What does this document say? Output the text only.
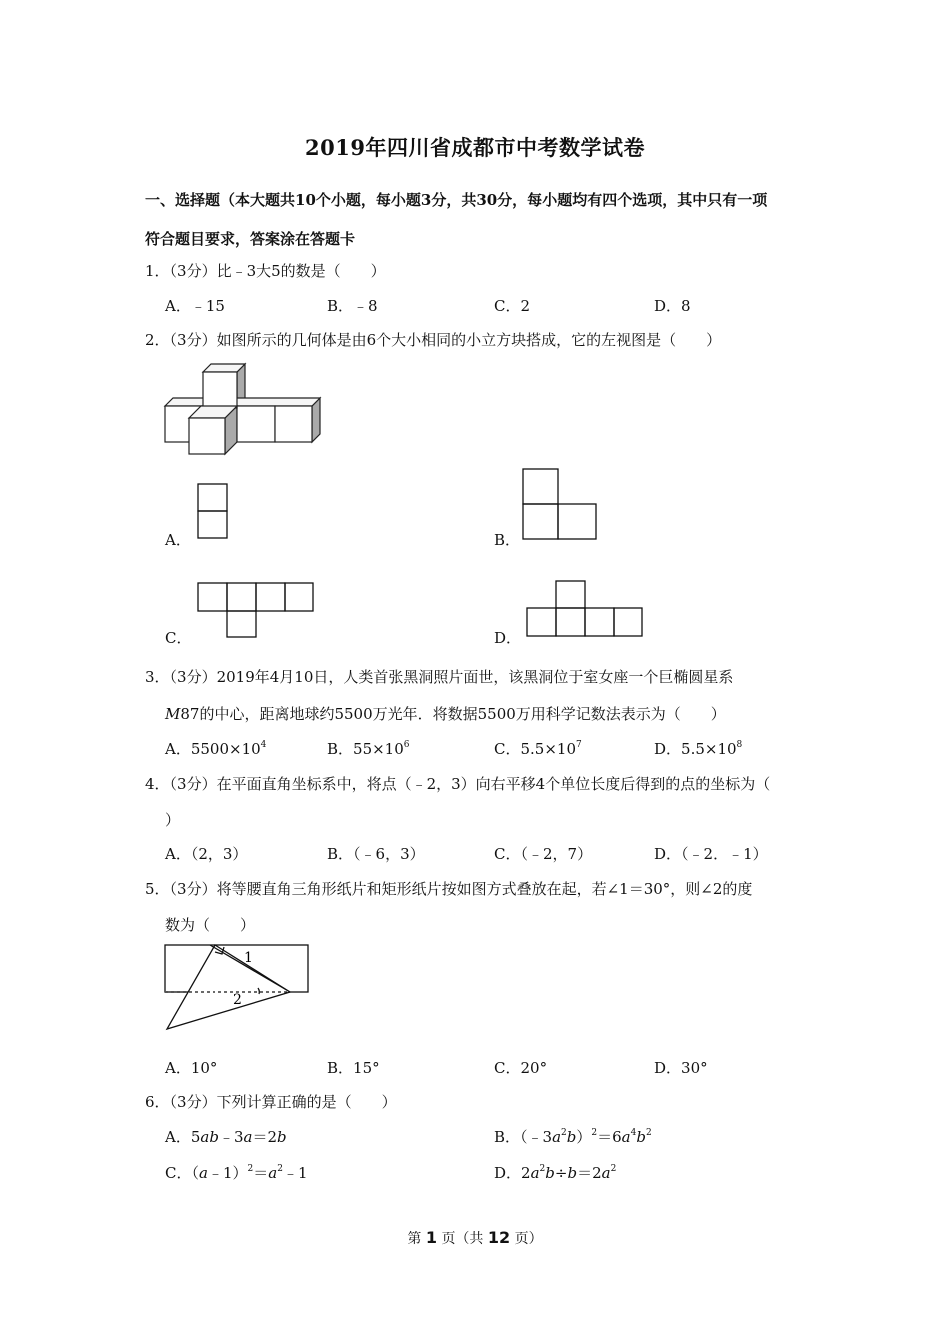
2019年四川省成都市中考数学试卷
一、选择题（本大题共10个小题，每小题3分，共30分，每小题均有四个选项，其中只有一项
符合题目要求，答案涂在答题卡
1．（3分）比﹣3大5的数是（　　）
A．﹣15	B．﹣8	C．2	D．8
2．（3分）如图所示的几何体是由6个大小相同的小立方块搭成，它的左视图是（　　）
A．	B．
C．	D．
3．（3分）2019年4月10日，人类首张黑洞照片面世，该黑洞位于室女座一个巨椭圆星系
M87的中心，距离地球约5500万光年．将数据5500万用科学记数法表示为（　　）
A．$5500\times 10^4$	B．$55\times 10^6$	C．$5.5\times 10^7$	D．$5.5\times 10^8$
4．（3分）在平面直角坐标系中，将点（﹣2，3）向右平移4个单位长度后得到的点的坐标为（
）
A．（2，3）	B．（﹣6，3）	C．（﹣2，7）	D．（﹣2．﹣1）
5．（3分）将等腰直角三角形纸片和矩形纸片按如图方式叠放在起，若∠1＝30°，则∠2的度
数为（　　）
1
2
A．10°	B．15°	C．20°	D．30°
6．（3分）下列计算正确的是（　　）
A．5ab﹣3a＝2b	B．$(﹣3a^2b)^2=6a^4b^2$
C．$(a﹣1)^2=a^2﹣1$	D．$2a^2b\div b=2a^2$
第 1 页（共 12 页）
